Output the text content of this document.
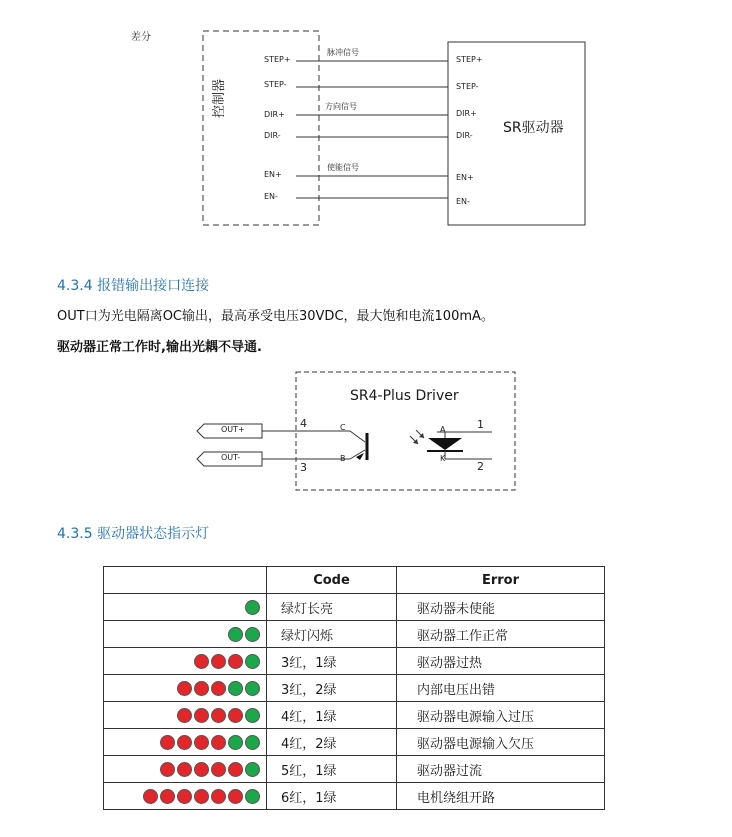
差分
控制器
STEP+
STEP-
DIR+
DIR-
EN+
EN-
脉冲信号
方向信号
使能信号
STEP+
STEP-
DIR+
DIR-
EN+
EN-
SR驱动器
4.3.4 报错输出接口连接
OUT口为光电隔离OC输出，最高承受电压30VDC，最大饱和电流100mA。
驱动器正常工作时,输出光耦不导通.
SR4-Plus Driver
OUT+
OUT-
4
3
C
B
A
K
1
2
4.3.5 驱动器状态指示灯
	Code	Error
	绿灯长亮	驱动器未使能
	绿灯闪烁	驱动器工作正常
	3红，1绿	驱动器过热
	3红，2绿	内部电压出错
	4红，1绿	驱动器电源输入过压
	4红，2绿	驱动器电源输入欠压
	5红，1绿	驱动器过流
	6红，1绿	电机绕组开路
